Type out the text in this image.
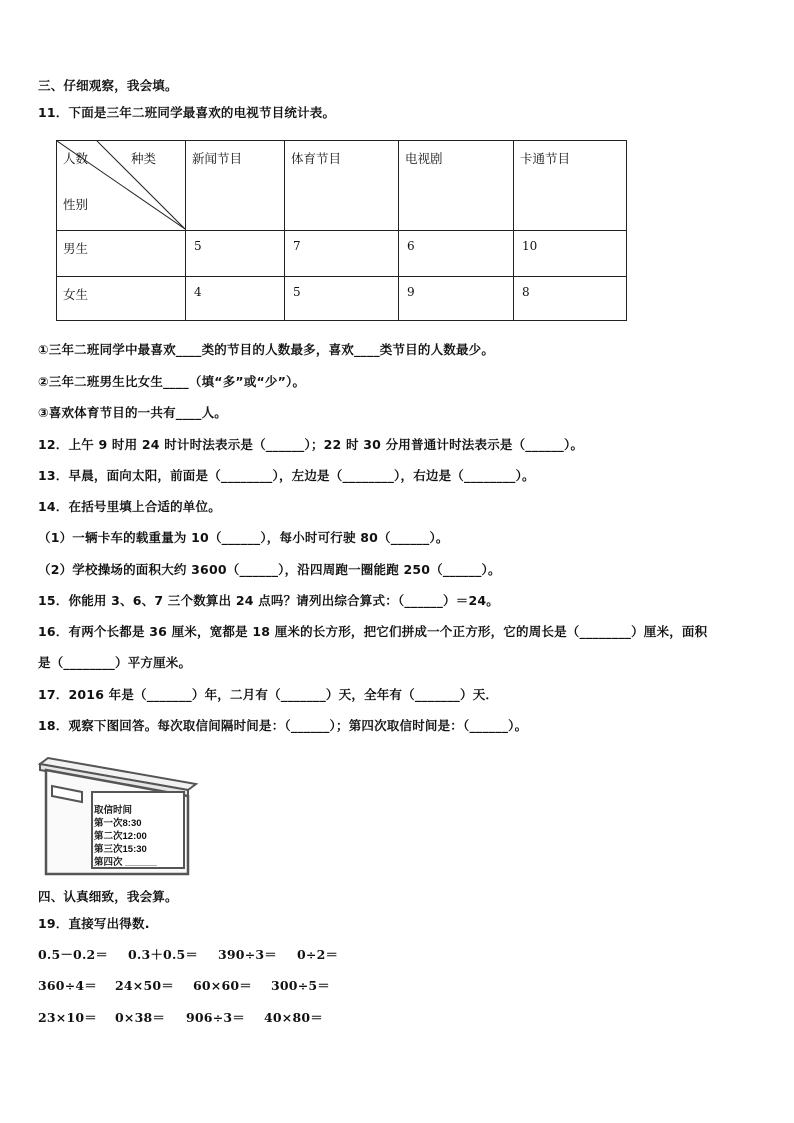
三、仔细观察，我会填。
11．下面是三年二班同学最喜欢的电视节目统计表。
人数 种类
性别	新闻节目	体育节目	电视剧	卡通节目

男生	5	7	6	10

女生	4	5	9	8
①三年二班同学中最喜欢____类的节目的人数最多，喜欢____类节目的人数最少。
②三年二班男生比女生____（填“多”或“少”）。
③喜欢体育节目的一共有____人。
12．上午 9 时用 24 时计时法表示是（______）；22 时 30 分用普通计时法表示是（______）。
13．早晨，面向太阳，前面是（________），左边是（________），右边是（________）。
14．在括号里填上合适的单位。
（1）一辆卡车的载重量为 10（______），每小时可行驶 80（______）。
（2）学校操场的面积大约 3600（______），沿四周跑一圈能跑 250（______）。
15．你能用 3、6、7 三个数算出 24 点吗？请列出综合算式：（______）＝24。
16．有两个长都是 36 厘米，宽都是 18 厘米的长方形，把它们拼成一个正方形，它的周长是（________）厘米，面积
是（________）平方厘米。
17．2016 年是（_______）年，二月有（_______）天，全年有（_______）天．
18．观察下图回答。每次取信间隔时间是：（______）；第四次取信时间是：（______）。
取信时间
第一次8:30
第二次12:00
第三次15:30
第四次 ______
四、认真细致，我会算。
19．直接写出得数.
0.5－0.2＝ 0.3＋0.5＝ 390÷3＝ 0÷2＝
360÷4＝ 24×50＝ 60×60＝ 300÷5＝
23×10＝ 0×38＝ 906÷3＝ 40×80＝
